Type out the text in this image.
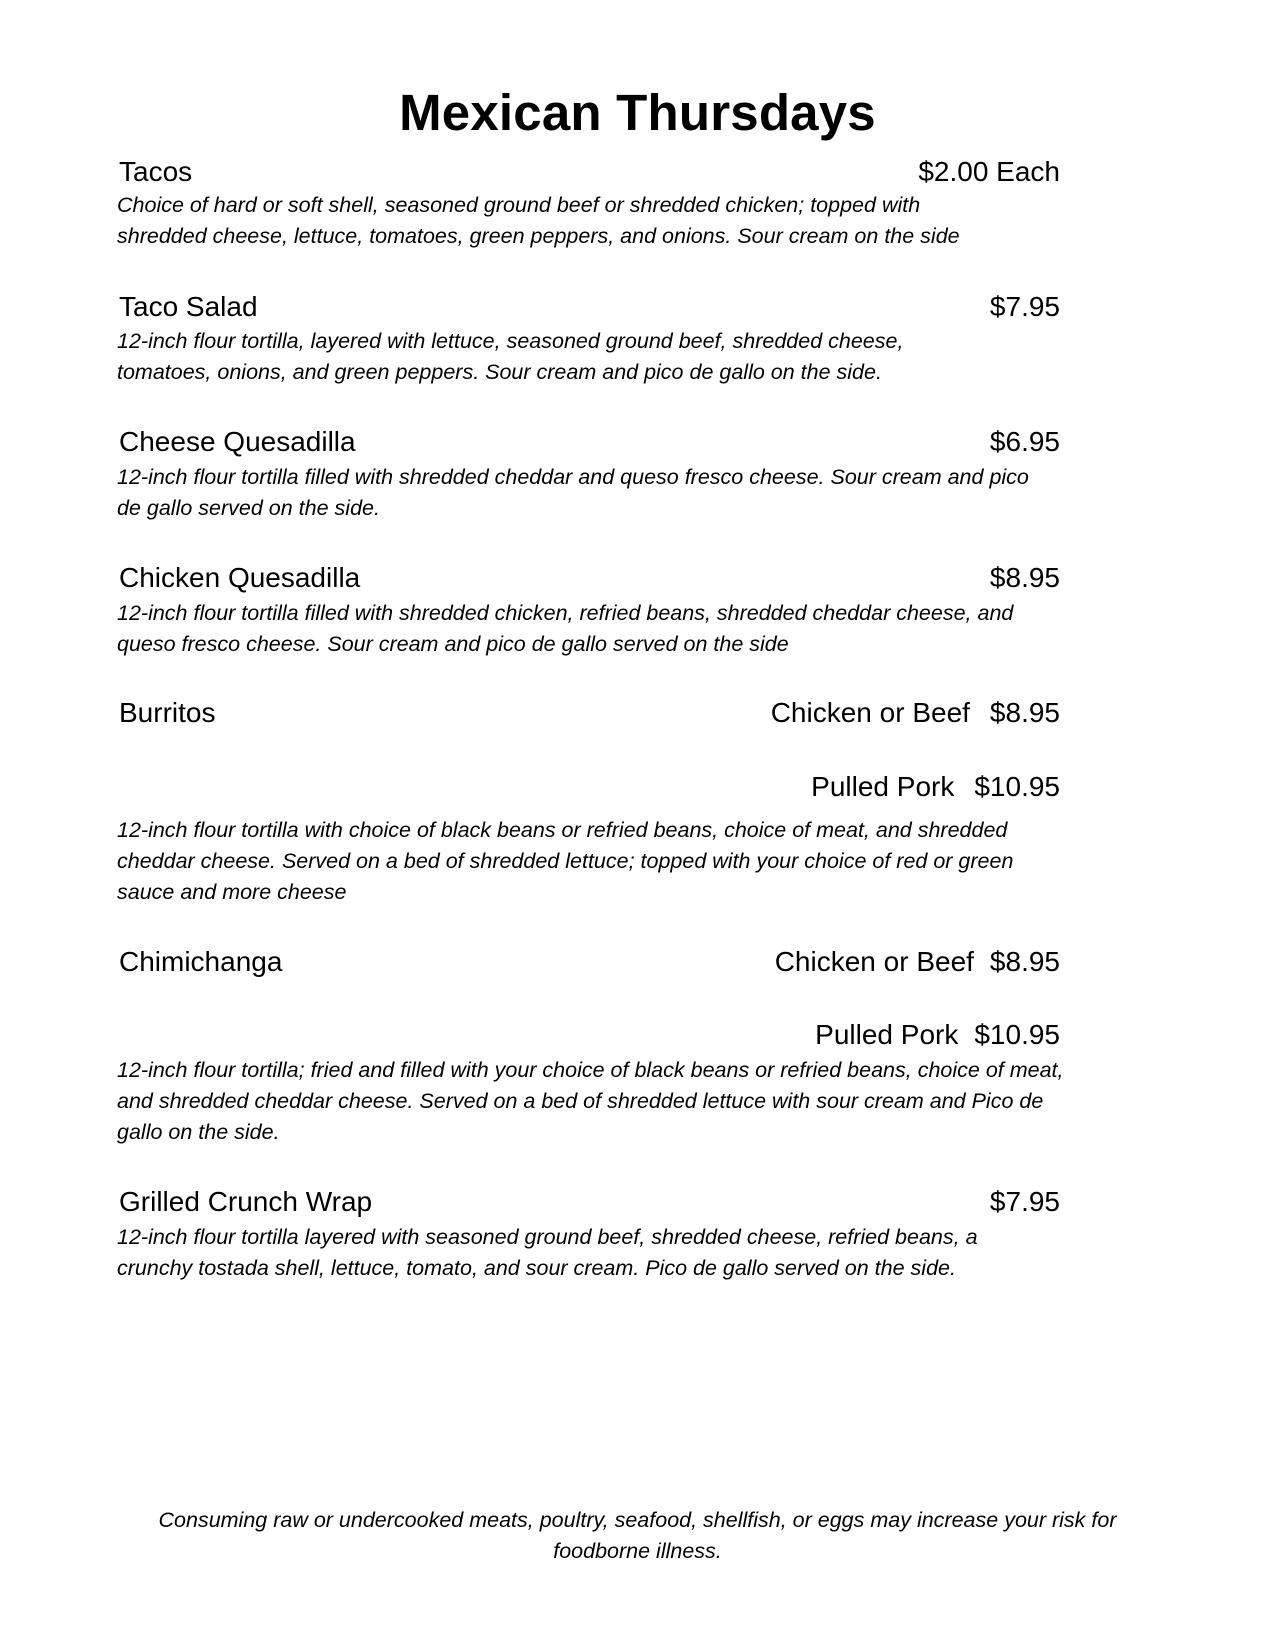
Mexican Thursdays
Tacos	$2.00 Each
Choice of hard or soft shell, seasoned ground beef or shredded chicken; topped with shredded cheese, lettuce, tomatoes, green peppers, and onions. Sour cream on the side
Taco Salad	$7.95
12-inch flour tortilla, layered with lettuce, seasoned ground beef, shredded cheese, tomatoes, onions, and green peppers. Sour cream and pico de gallo on the side.
Cheese Quesadilla	$6.95
12-inch flour tortilla filled with shredded cheddar and queso fresco cheese. Sour cream and pico de gallo served on the side.
Chicken Quesadilla	$8.95
12-inch flour tortilla filled with shredded chicken, refried beans, shredded cheddar cheese, and queso fresco cheese. Sour cream and pico de gallo served on the side
Burritos	Chicken or Beef $8.95
Pulled Pork $10.95
12-inch flour tortilla with choice of black beans or refried beans, choice of meat, and shredded cheddar cheese. Served on a bed of shredded lettuce; topped with your choice of red or green sauce and more cheese
Chimichanga	Chicken or Beef $8.95
Pulled Pork $10.95
12-inch flour tortilla; fried and filled with your choice of black beans or refried beans, choice of meat, and shredded cheddar cheese. Served on a bed of shredded lettuce with sour cream and Pico de gallo on the side.
Grilled Crunch Wrap	$7.95
12-inch flour tortilla layered with seasoned ground beef, shredded cheese, refried beans, a crunchy tostada shell, lettuce, tomato, and sour cream. Pico de gallo served on the side.
Consuming raw or undercooked meats, poultry, seafood, shellfish, or eggs may increase your risk for foodborne illness.
